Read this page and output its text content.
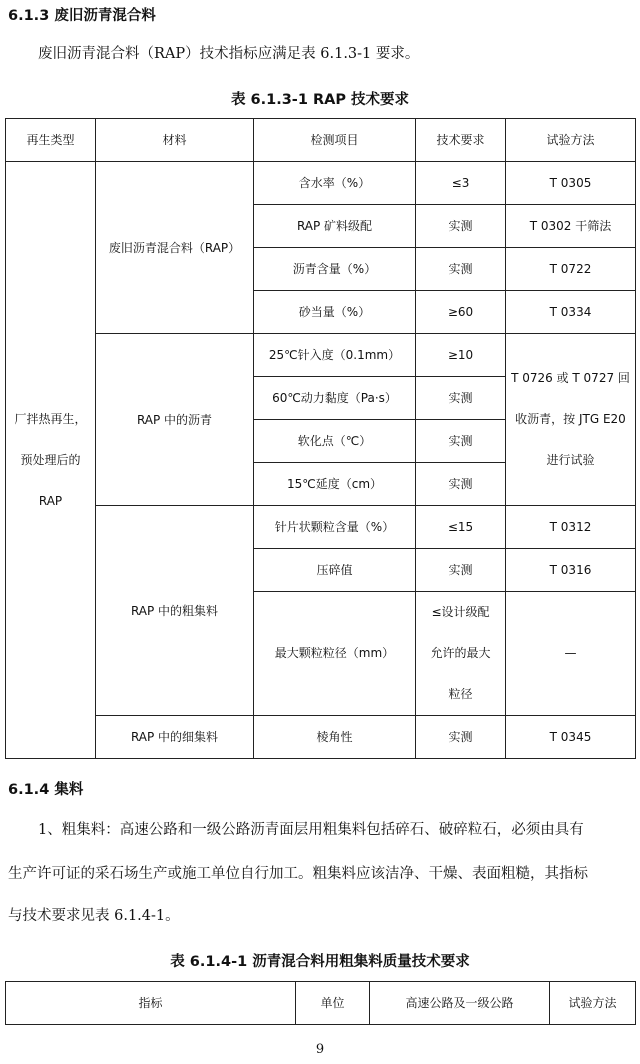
6.1.3 废旧沥青混合料
废旧沥青混合料（RAP）技术指标应满足表 6.1.3-1 要求。
表 6.1.3-1 RAP 技术要求
再生类型	材料	检测项目	技术要求	试验方法

厂拌热再生，
预处理后的
RAP	废旧沥青混合料（RAP）	含水率（%）	≤3	T 0305
		RAP 矿料级配	实测	T 0302 干筛法
		沥青含量（%）	实测	T 0722
		砂当量（%）	≥60	T 0334
	RAP 中的沥青	25℃针入度（0.1mm）	≥10	T 0726 或 T 0727 回
收沥青，按 JTG E20
进行试验

		60℃动力黏度（Pa·s）	实测	
		软化点（℃）	实测	
		15℃延度（cm）	实测	
	RAP 中的粗集料	针片状颗粒含量（%）	≤15	T 0312
		压碎值	实测	T 0316
		最大颗粒粒径（mm）	≤设计级配
允许的最大
粒径	—
	RAP 中的细集料	棱角性	实测	T 0345
6.1.4 集料
1、粗集料：高速公路和一级公路沥青面层用粗集料包括碎石、破碎粒石，必须由具有
生产许可证的采石场生产或施工单位自行加工。粗集料应该洁净、干燥、表面粗糙，其指标
与技术要求见表 6.1.4-1。
表 6.1.4-1 沥青混合料用粗集料质量技术要求
指标	单位	高速公路及一级公路	试验方法
9
